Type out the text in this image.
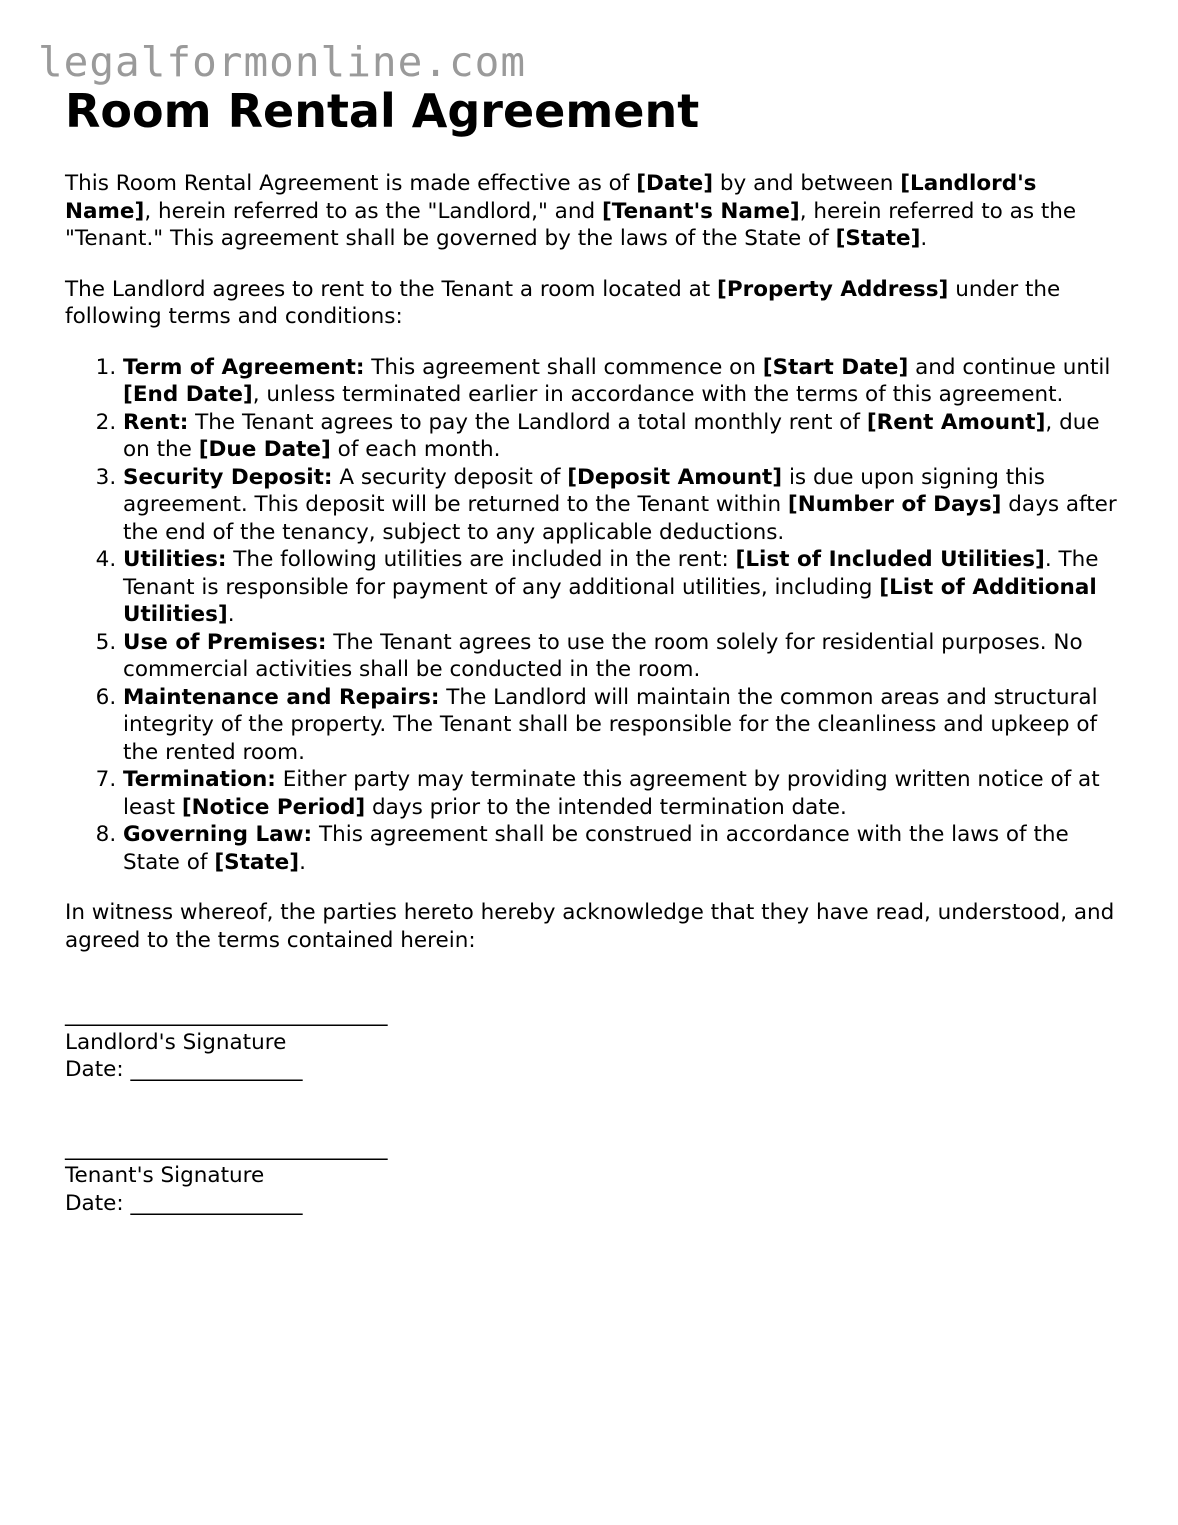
legalformonline.com
Room Rental Agreement

This Room Rental Agreement is made effective as of [Date] by and between [Landlord's Name], herein referred to as the "Landlord," and [Tenant's Name], herein referred to as the "Tenant." This agreement shall be governed by the laws of the State of [State].

The Landlord agrees to rent to the Tenant a room located at [Property Address] under the following terms and conditions:

1. Term of Agreement: This agreement shall commence on [Start Date] and continue until [End Date], unless terminated earlier in accordance with the terms of this agreement.
2. Rent: The Tenant agrees to pay the Landlord a total monthly rent of [Rent Amount], due on the [Due Date] of each month.
3. Security Deposit: A security deposit of [Deposit Amount] is due upon signing this agreement. This deposit will be returned to the Tenant within [Number of Days] days after the end of the tenancy, subject to any applicable deductions.
4. Utilities: The following utilities are included in the rent: [List of Included Utilities]. The Tenant is responsible for payment of any additional utilities, including [List of Additional Utilities].
5. Use of Premises: The Tenant agrees to use the room solely for residential purposes. No commercial activities shall be conducted in the room.
6. Maintenance and Repairs: The Landlord will maintain the common areas and structural integrity of the property. The Tenant shall be responsible for the cleanliness and upkeep of the rented room.
7. Termination: Either party may terminate this agreement by providing written notice of at least [Notice Period] days prior to the intended termination date.
8. Governing Law: This agreement shall be construed in accordance with the laws of the State of [State].

In witness whereof, the parties hereto hereby acknowledge that they have read, understood, and agreed to the terms contained herein:

______________________________
Landlord's Signature
Date: ________________
______________________________
Tenant's Signature
Date: ________________
